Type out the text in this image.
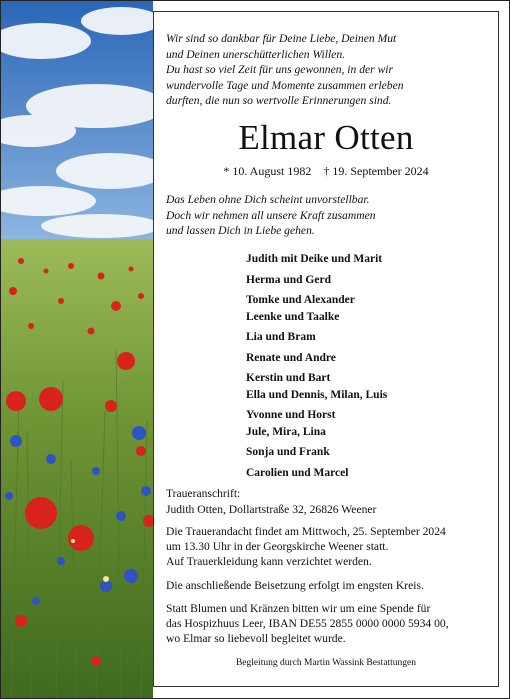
Wir sind so dankbar für Deine Liebe, Deinen Mut
und Deinen unerschütterlichen Willen.
Du hast so viel Zeit für uns gewonnen, in der wir
wundervolle Tage und Momente zusammen erleben
durften, die nun so wertvolle Erinnerungen sind.
Elmar Otten
* 10. August 1982 † 19. September 2024
Das Leben ohne Dich scheint unvorstellbar.
Doch wir nehmen all unsere Kraft zusammen
und lassen Dich in Liebe gehen.
Judith mit Deike und Marit
Herma und Gerd
Tomke und Alexander
Leenke und Taalke
Lia und Bram
Renate und Andre
Kerstin und Bart
Ella und Dennis, Milan, Luis
Yvonne und Horst
Jule, Mira, Lina
Sonja und Frank
Carolien und Marcel
Traueranschrift:
Judith Otten, Dollartstraße 32, 26826 Weener
Die Trauerandacht findet am Mittwoch, 25. September 2024
um 13.30 Uhr in der Georgskirche Weener statt.
Auf Trauerkleidung kann verzichtet werden.
Die anschließende Beisetzung erfolgt im engsten Kreis.
Statt Blumen und Kränzen bitten wir um eine Spende für
das Hospizhuus Leer, IBAN DE55 2855 0000 0000 5934 00,
wo Elmar so liebevoll begleitet wurde.
Begleitung durch Martin Wassink Bestattungen
